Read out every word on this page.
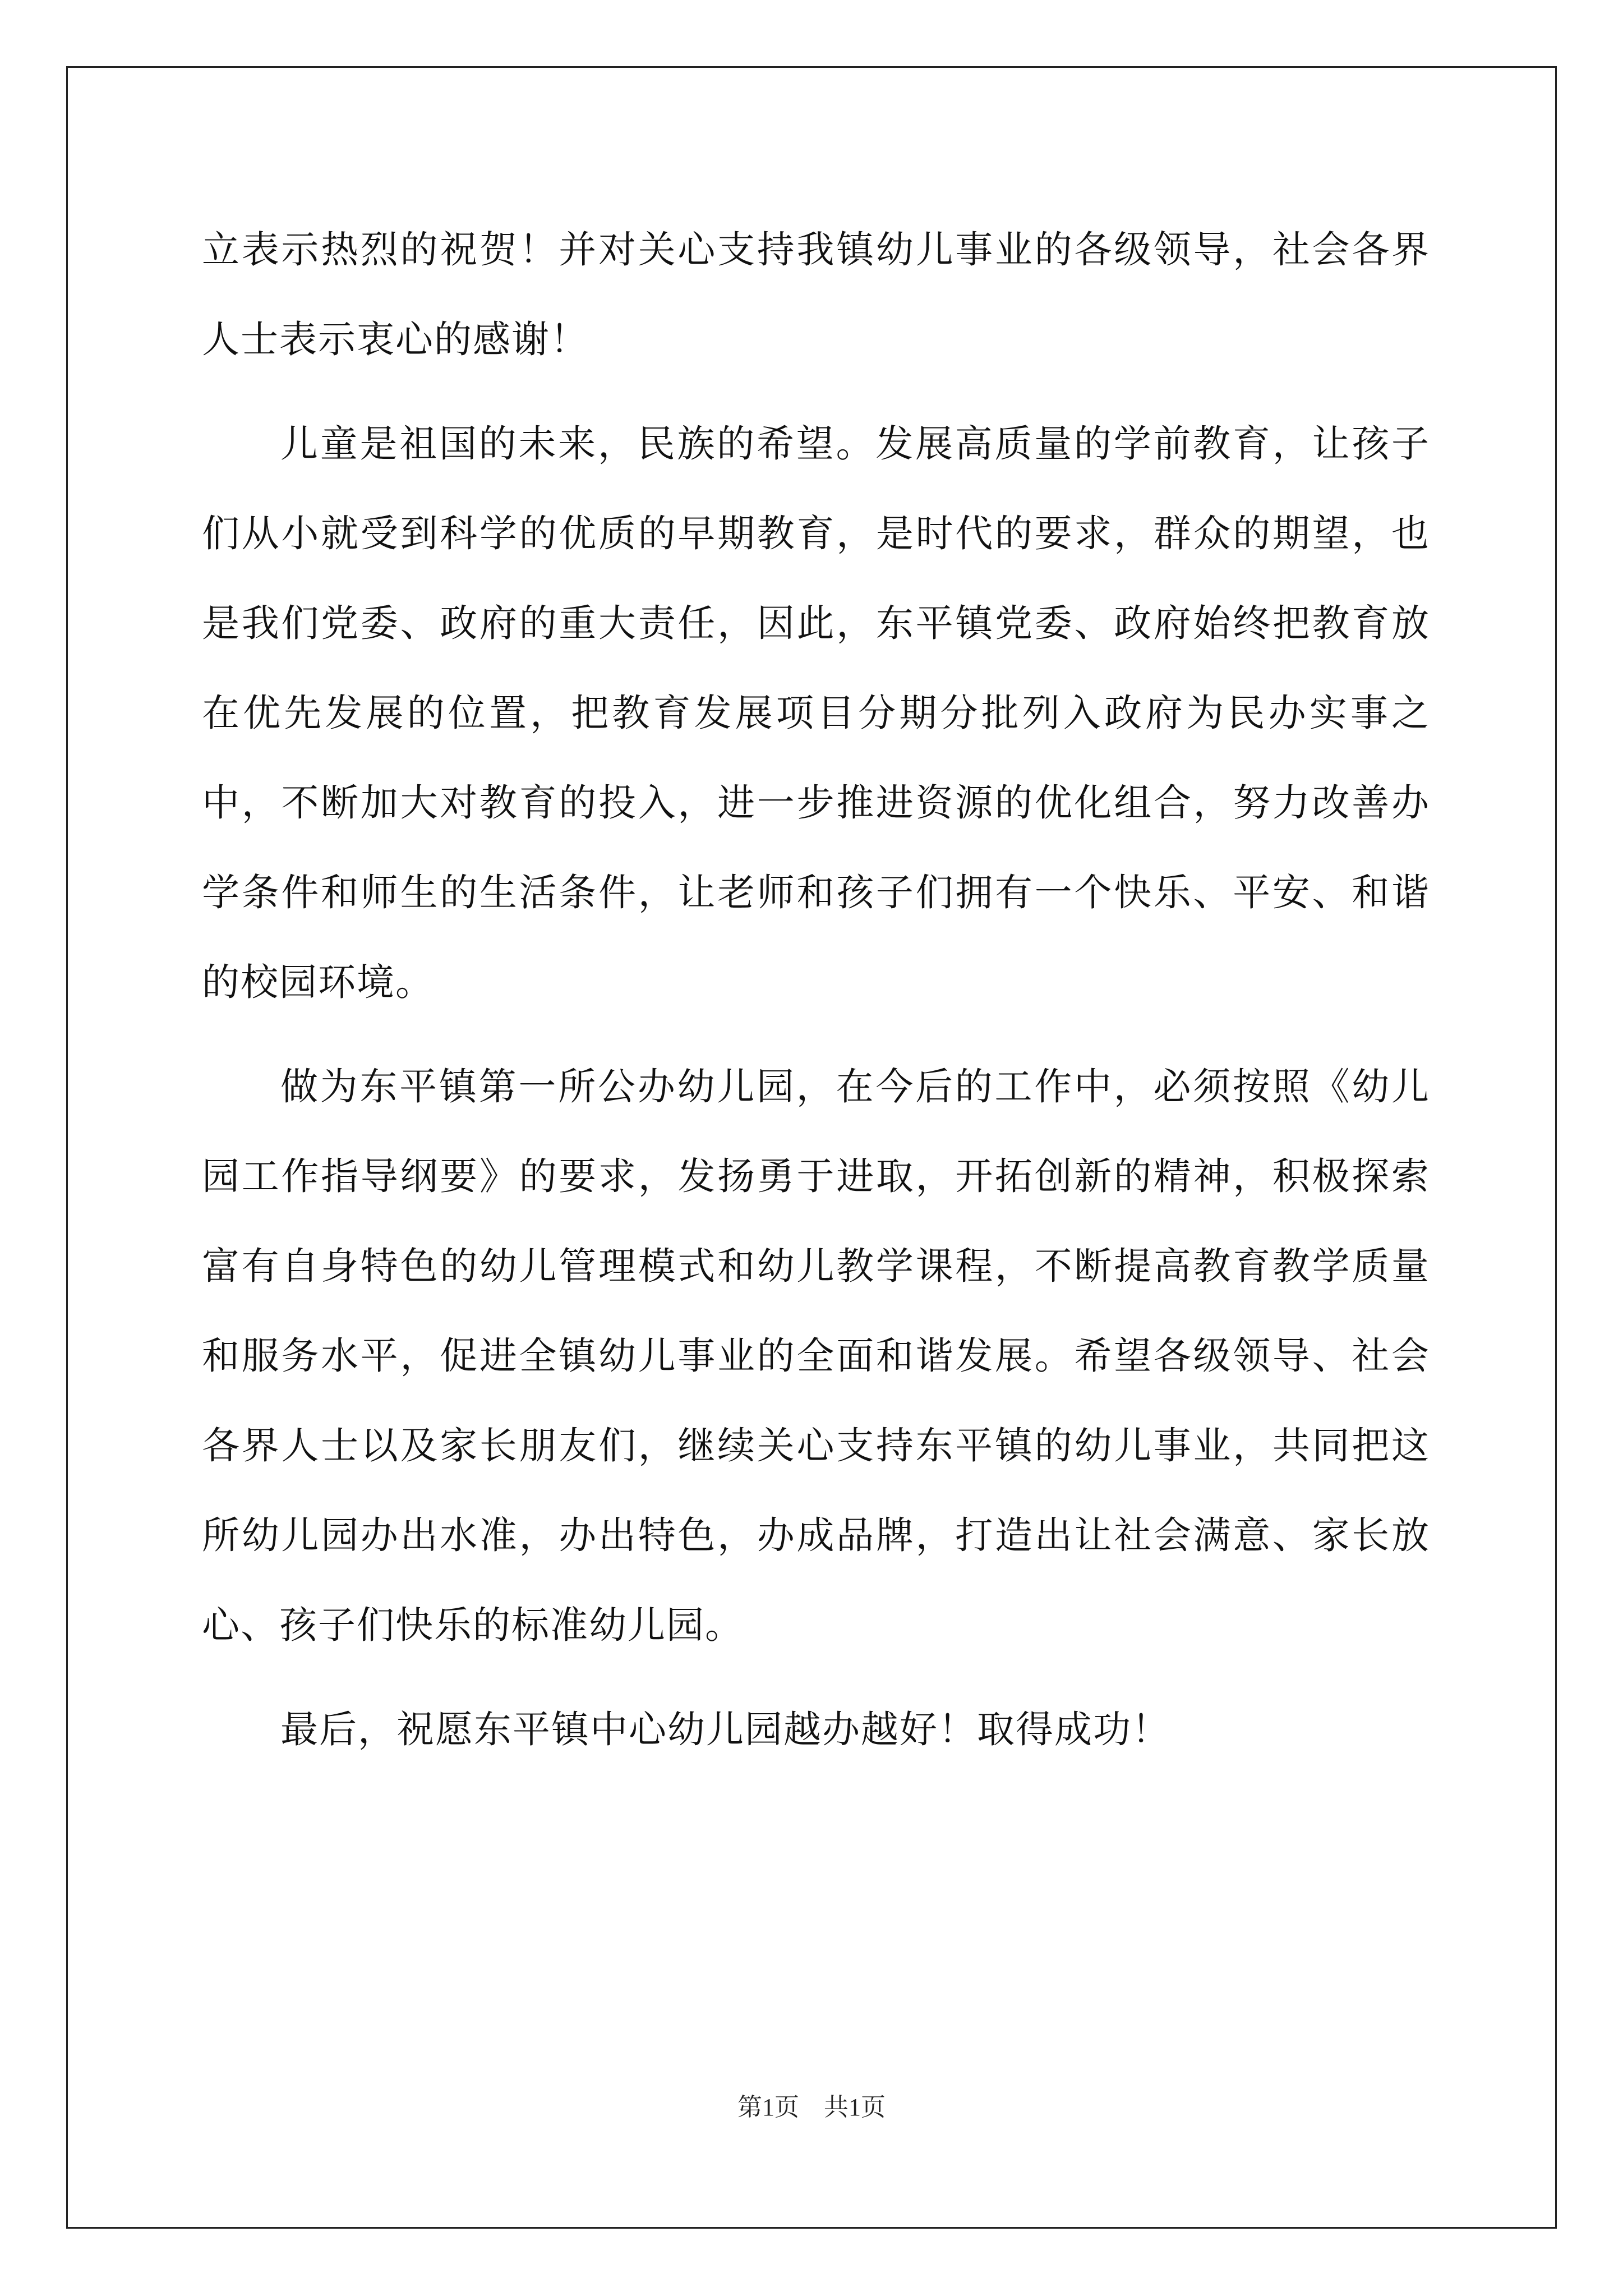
立表示热烈的祝贺！并对关心支持我镇幼儿事业的各级领导，社会各界人士表示衷心的感谢！

儿童是祖国的未来，民族的希望。发展高质量的学前教育，让孩子们从小就受到科学的优质的早期教育，是时代的要求，群众的期望，也是我们党委、政府的重大责任，因此，东平镇党委、政府始终把教育放在优先发展的位置，把教育发展项目分期分批列入政府为民办实事之中，不断加大对教育的投入，进一步推进资源的优化组合，努力改善办学条件和师生的生活条件，让老师和孩子们拥有一个快乐、平安、和谐的校园环境。

做为东平镇第一所公办幼儿园，在今后的工作中，必须按照《幼儿园工作指导纲要》的要求，发扬勇于进取，开拓创新的精神，积极探索富有自身特色的幼儿管理模式和幼儿教学课程，不断提高教育教学质量和服务水平，促进全镇幼儿事业的全面和谐发展。希望各级领导、社会各界人士以及家长朋友们，继续关心支持东平镇的幼儿事业，共同把这所幼儿园办出水准，办出特色，办成品牌，打造出让社会满意、家长放心、孩子们快乐的标准幼儿园。

最后，祝愿东平镇中心幼儿园越办越好！取得成功！

第1页　共1页
